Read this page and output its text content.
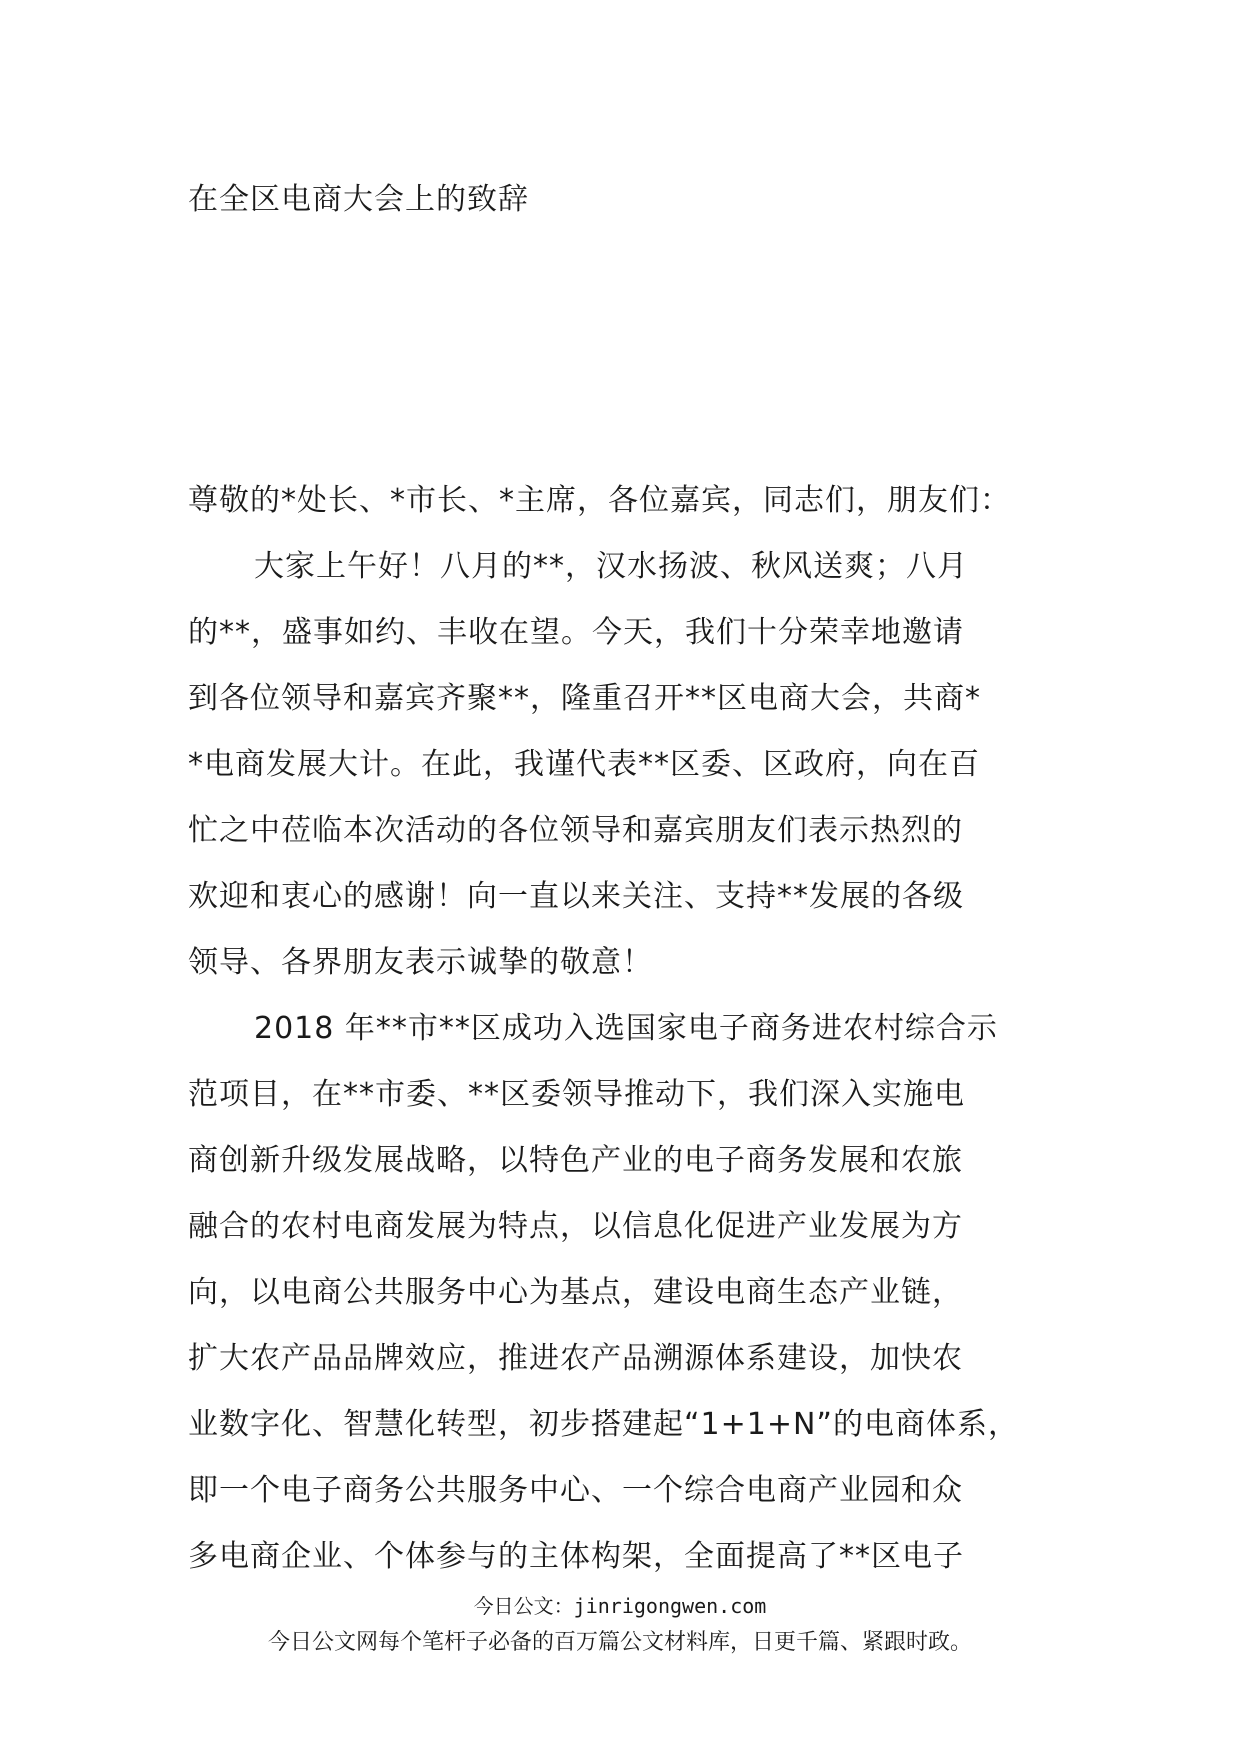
在全区电商大会上的致辞
尊敬的*处长、*市长、*主席，各位嘉宾，同志们，朋友们：
大家上午好！八月的**，汉水扬波、秋风送爽；八月
的**，盛事如约、丰收在望。今天，我们十分荣幸地邀请
到各位领导和嘉宾齐聚**，隆重召开**区电商大会，共商*
*电商发展大计。在此，我谨代表**区委、区政府，向在百
忙之中莅临本次活动的各位领导和嘉宾朋友们表示热烈的
欢迎和衷心的感谢！向一直以来关注、支持**发展的各级
领导、各界朋友表示诚挚的敬意！
2018 年**市**区成功入选国家电子商务进农村综合示
范项目，在**市委、**区委领导推动下，我们深入实施电
商创新升级发展战略，以特色产业的电子商务发展和农旅
融合的农村电商发展为特点，以信息化促进产业发展为方
向，以电商公共服务中心为基点，建设电商生态产业链，
扩大农产品品牌效应，推进农产品溯源体系建设，加快农
业数字化、智慧化转型，初步搭建起“1+1+N”的电商体系，
即一个电子商务公共服务中心、一个综合电商产业园和众
多电商企业、个体参与的主体构架，全面提高了**区电子
今日公文：jinrigongwen.com
今日公文网每个笔杆子必备的百万篇公文材料库，日更千篇、紧跟时政。
